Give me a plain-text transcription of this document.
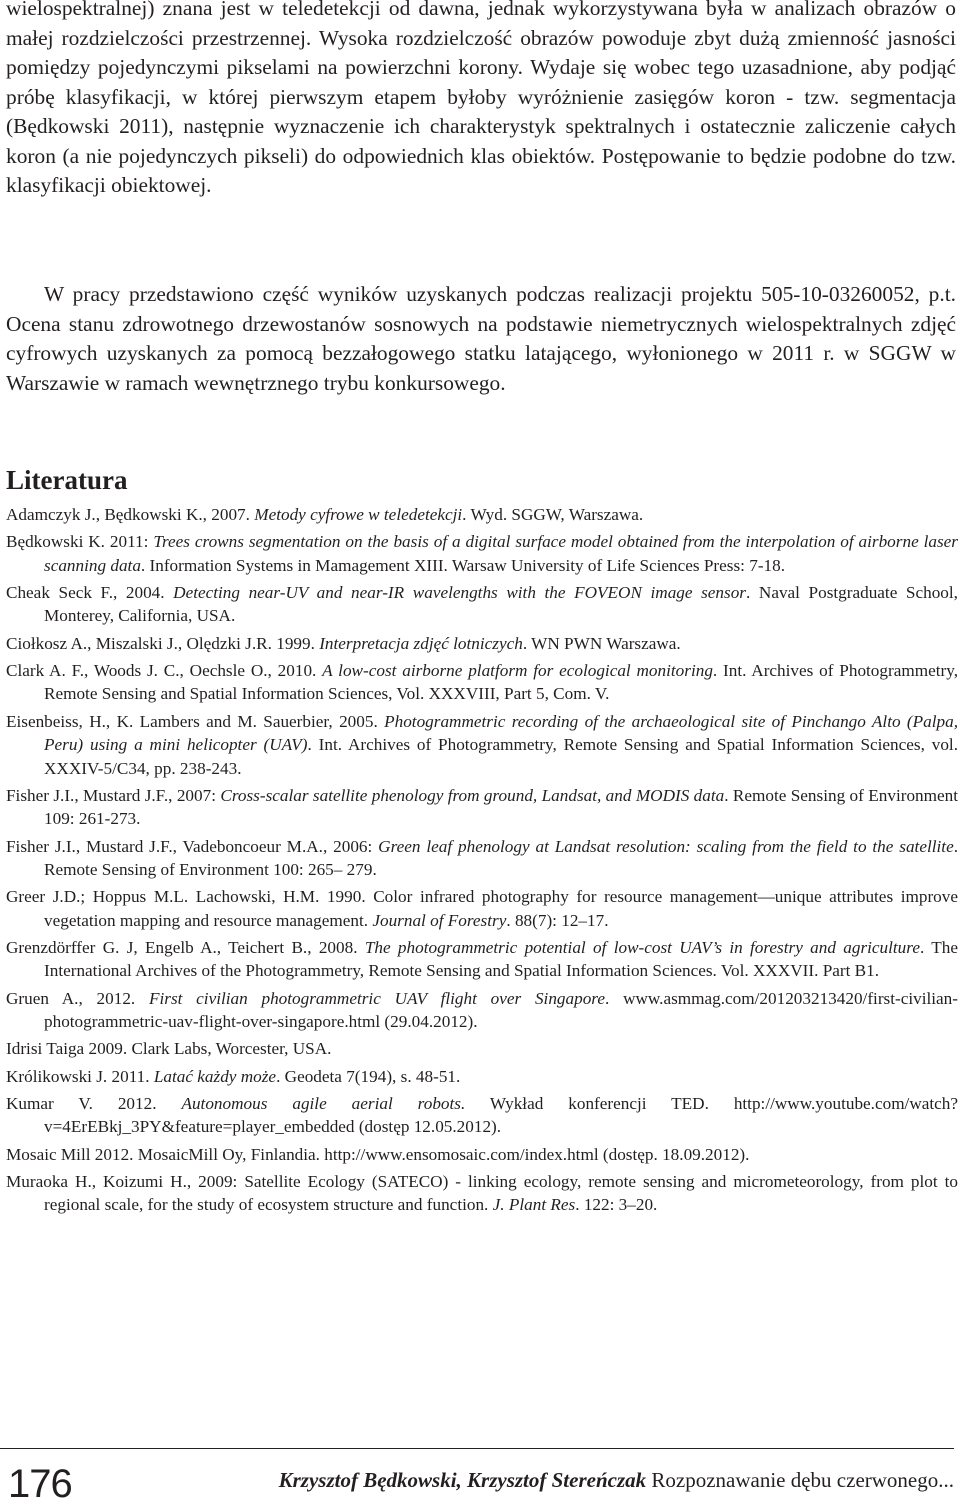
wielospektralnej) znana jest w teledetekcji od dawna, jednak wykorzystywana była w analizach obrazów o małej rozdzielczości przestrzennej. Wysoka rozdzielczość obrazów powoduje zbyt dużą zmienność jasności pomiędzy pojedynczymi pikselami na powierzchni korony. Wydaje się wobec tego uzasadnione, aby podjąć próbę klasyfikacji, w której pierwszym etapem byłoby wyróżnienie zasięgów koron - tzw. segmentacja (Będkowski 2011), następnie wyznaczenie ich charakterystyk spektralnych i ostatecznie zaliczenie całych koron (a nie pojedynczych pikseli) do odpowiednich klas obiektów. Postępowanie to będzie podobne do tzw. klasyfikacji obiektowej.

W pracy przedstawiono część wyników uzyskanych podczas realizacji projektu 505-10-03260052, p.t. Ocena stanu zdrowotnego drzewostanów sosnowych na podstawie niemetrycznych wielospektralnych zdjęć cyfrowych uzyskanych za pomocą bezzałogowego statku latającego, wyłonionego w 2011 r. w SGGW w Warszawie w ramach wewnętrznego trybu konkursowego.

Literatura
Adamczyk J., Będkowski K., 2007. Metody cyfrowe w teledetekcji. Wyd. SGGW, Warszawa.
Będkowski K. 2011: Trees crowns segmentation on the basis of a digital surface model obtained from the interpolation of airborne laser scanning data. Information Systems in Mamagement XIII. Warsaw University of Life Sciences Press: 7-18.
Cheak Seck F., 2004. Detecting near-UV and near-IR wavelengths with the FOVEON image sensor. Naval Postgraduate School, Monterey, California, USA.
Ciołkosz A., Miszalski J., Olędzki J.R. 1999. Interpretacja zdjęć lotniczych. WN PWN Warszawa.
Clark A. F., Woods J. C., Oechsle O., 2010. A low-cost airborne platform for ecological monitoring. Int. Archives of Photogrammetry, Remote Sensing and Spatial Information Sciences, Vol. XXXVIII, Part 5, Com. V.
Eisenbeiss, H., K. Lambers and M. Sauerbier, 2005. Photogrammetric recording of the archaeological site of Pinchango Alto (Palpa, Peru) using a mini helicopter (UAV). Int. Archives of Photogrammetry, Remote Sensing and Spatial Information Sciences, vol. XXXIV-5/C34, pp. 238-243.
Fisher J.I., Mustard J.F., 2007: Cross-scalar satellite phenology from ground, Landsat, and MODIS data. Remote Sensing of Environment 109: 261-273.
Fisher J.I., Mustard J.F., Vadeboncoeur M.A., 2006: Green leaf phenology at Landsat resolution: scaling from the field to the satellite. Remote Sensing of Environment 100: 265– 279.
Greer J.D.; Hoppus M.L. Lachowski, H.M. 1990. Color infrared photography for resource management—unique attributes improve vegetation mapping and resource management. Journal of Forestry. 88(7): 12–17.
Grenzdörffer G. J, Engelb A., Teichert B., 2008. The photogrammetric potential of low-cost UAV’s in forestry and agriculture. The International Archives of the Photogrammetry, Remote Sensing and Spatial Information Sciences. Vol. XXXVII. Part B1.
Gruen A., 2012. First civilian photogrammetric UAV flight over Singapore. www.asmmag.com/201203213420/first-civilian-photogrammetric-uav-flight-over-singapore.html (29.04.2012).
Idrisi Taiga 2009. Clark Labs, Worcester, USA.
Królikowski J. 2011. Latać każdy może. Geodeta 7(194), s. 48-51.
Kumar V. 2012. Autonomous agile aerial robots. Wykład konferencji TED. http://www.youtube.com/watch?v=4ErEBkj_3PY&feature=player_embedded (dostęp 12.05.2012).
Mosaic Mill 2012. MosaicMill Oy, Finlandia. http://www.ensomosaic.com/index.html (dostęp. 18.09.2012).
Muraoka H., Koizumi H., 2009: Satellite Ecology (SATECO) - linking ecology, remote sensing and micrometeorology, from plot to regional scale, for the study of ecosystem structure and function. J. Plant Res. 122: 3–20.
176	Krzysztof Będkowski, Krzysztof Stereńczak Rozpoznawanie dębu czerwonego...
